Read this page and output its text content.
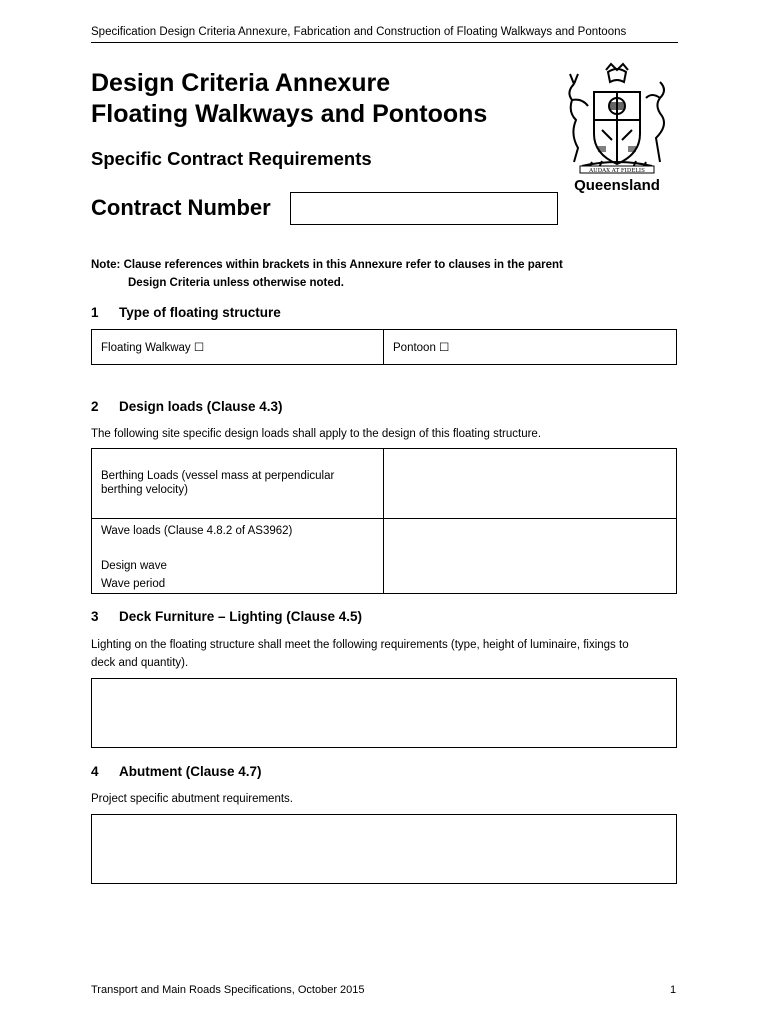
Specification Design Criteria Annexure, Fabrication and Construction of Floating Walkways and Pontoons
Design Criteria Annexure
Floating Walkways and Pontoons
Specific Contract Requirements
Contract Number
AUDAX AT FIDELIS
Queensland
Note: Clause references within brackets in this Annexure refer to clauses in the parent
Design Criteria unless otherwise noted.
1 Type of floating structure
Floating Walkway ☐	Pontoon ☐
2 Design loads (Clause 4.3)
The following site specific design loads shall apply to the design of this floating structure.
Berthing Loads (vessel mass at perpendicular berthing velocity)	

Wave loads (Clause 4.8.2 of AS3962)
Design wave
Wave period	

3 Deck Furniture – Lighting (Clause 4.5)
Lighting on the floating structure shall meet the following requirements (type, height of luminaire, fixings to deck and quantity).
4 Abutment (Clause 4.7)
Project specific abutment requirements.
Transport and Main Roads Specifications, October 2015	1
